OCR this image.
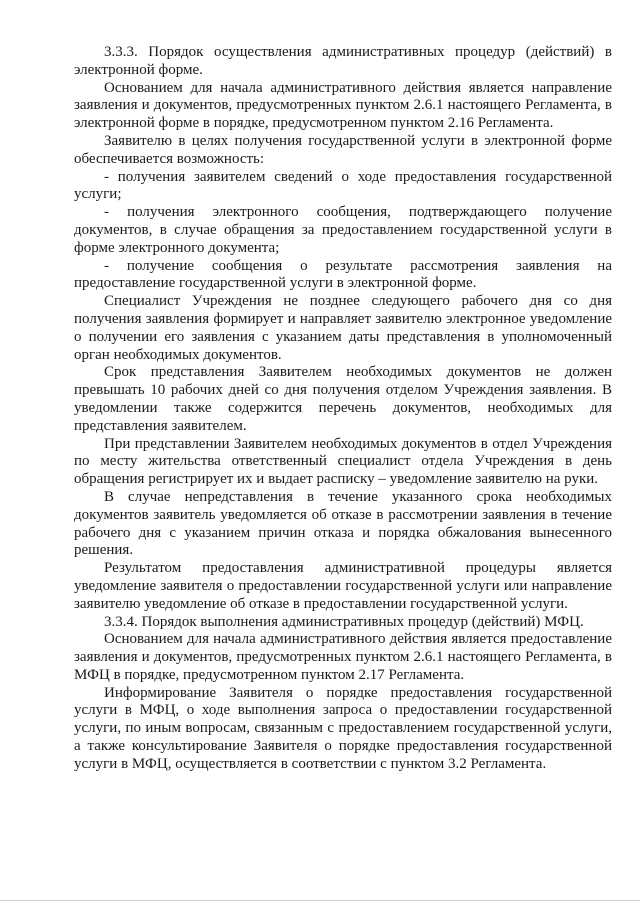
3.3.3. Порядок осуществления административных процедур (действий) в электронной форме.

Основанием для начала административного действия является направление заявления и документов, предусмотренных пунктом 2.6.1 настоящего Регламента, в электронной форме в порядке, предусмотренном пунктом 2.16 Регламента.

Заявителю в целях получения государственной услуги в электронной форме обеспечивается возможность:

- получения заявителем сведений о ходе предоставления государственной услуги;

- получения электронного сообщения, подтверждающего получение документов, в случае обращения за предоставлением государственной услуги в форме электронного документа;

- получение сообщения о результате рассмотрения заявления на предоставление государственной услуги в электронной форме.

Специалист Учреждения не позднее следующего рабочего дня со дня получения заявления формирует и направляет заявителю электронное уведомление о получении его заявления с указанием даты представления в уполномоченный орган необходимых документов.

Срок представления Заявителем необходимых документов не должен превышать 10 рабочих дней со дня получения отделом Учреждения заявления. В уведомлении также содержится перечень документов, необходимых для представления заявителем.

При представлении Заявителем необходимых документов в отдел Учреждения по месту жительства ответственный специалист отдела Учреждения в день обращения регистрирует их и выдает расписку – уведомление заявителю на руки.

В случае непредставления в течение указанного срока необходимых документов заявитель уведомляется об отказе в рассмотрении заявления в течение рабочего дня с указанием причин отказа и порядка обжалования вынесенного решения.

Результатом предоставления административной процедуры является уведомление заявителя о предоставлении государственной услуги или направление заявителю уведомление об отказе в предоставлении государственной услуги.

3.3.4. Порядок выполнения административных процедур (действий) МФЦ.

Основанием для начала административного действия является предоставление заявления и документов, предусмотренных пунктом 2.6.1 настоящего Регламента, в МФЦ в порядке, предусмотренном пунктом 2.17 Регламента.

Информирование Заявителя о порядке предоставления государственной услуги в МФЦ, о ходе выполнения запроса о предоставлении государственной услуги, по иным вопросам, связанным с предоставлением государственной услуги, а также консультирование Заявителя о порядке предоставления государственной услуги в МФЦ, осуществляется в соответствии с пунктом 3.2 Регламента.
